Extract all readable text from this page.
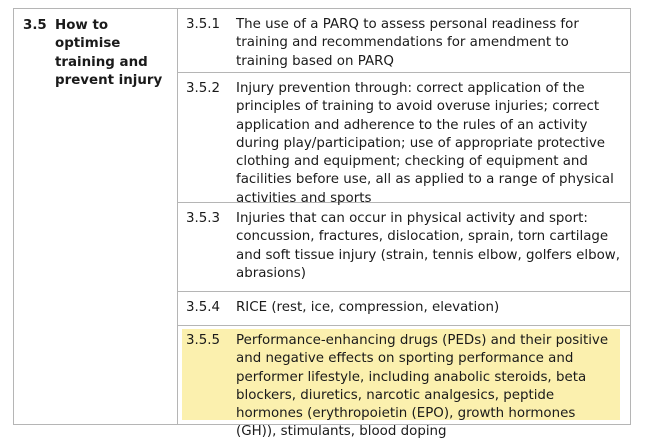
3.5 How to optimise training and prevent injury

3.5.1	The use of a PARQ to assess personal readiness for training and recommendations for amendment to training based on PARQ

3.5.2	Injury prevention through: correct application of the principles of training to avoid overuse injuries; correct application and adherence to the rules of an activity during play/participation; use of appropriate protective clothing and equipment; checking of equipment and facilities before use, all as applied to a range of physical activities and sports

3.5.3	Injuries that can occur in physical activity and sport: concussion, fractures, dislocation, sprain, torn cartilage and soft tissue injury (strain, tennis elbow, golfers elbow, abrasions)

3.5.4	RICE (rest, ice, compression, elevation)

3.5.5	Performance-enhancing drugs (PEDs) and their positive and negative effects on sporting performance and performer lifestyle, including anabolic steroids, beta blockers, diuretics, narcotic analgesics, peptide hormones (erythropoietin (EPO), growth hormones (GH)), stimulants, blood doping
